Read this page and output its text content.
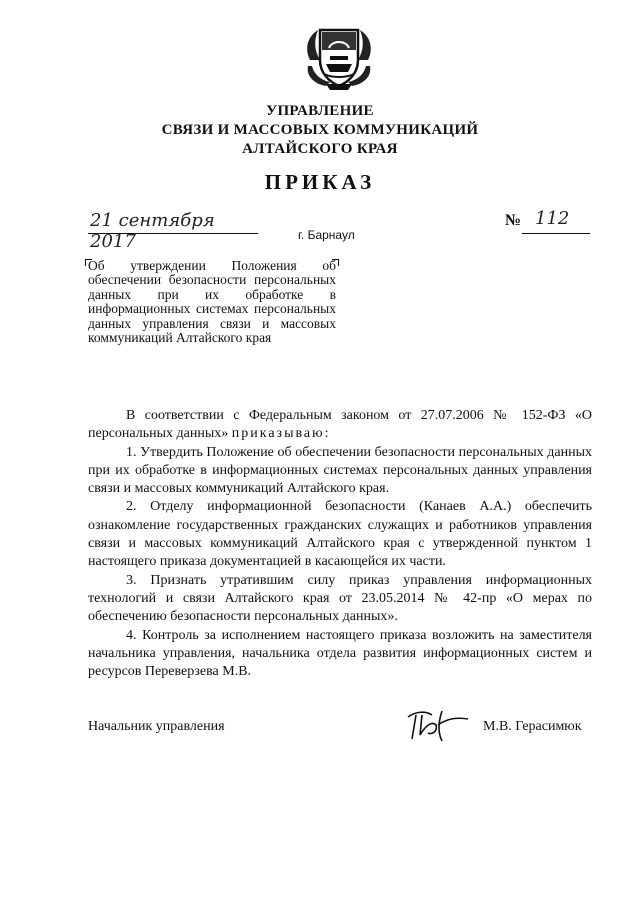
УПРАВЛЕНИЕ
СВЯЗИ И МАССОВЫХ КОММУНИКАЦИЙ
АЛТАЙСКОГО КРАЯ
ПРИКАЗ
21 сентября 2017	г. Барнаул
№ 112
Об утверждении Положения об обеспечении безопасности персональных данных при их обработке в информационных системах персональных данных управления связи и массовых коммуникаций Алтайского края

В соответствии с Федеральным законом от 27.07.2006 № 152-ФЗ «О персональных данных» приказываю:

1. Утвердить Положение об обеспечении безопасности персональных данных при их обработке в информационных системах персональных данных управления связи и массовых коммуникаций Алтайского края.

2. Отделу информационной безопасности (Канаев А.А.) обеспечить ознакомление государственных гражданских служащих и работников управления связи и массовых коммуникаций Алтайского края с утвержденной пунктом 1 настоящего приказа документацией в касающейся их части.

3. Признать утратившим силу приказ управления информационных технологий и связи Алтайского края от 23.05.2014 № 42-пр «О мерах по обеспечению безопасности персональных данных».

4. Контроль за исполнением настоящего приказа возложить на заместителя начальника управления, начальника отдела развития информационных систем и ресурсов Переверзева М.В.

Начальник управления	М.В. Герасимюк
